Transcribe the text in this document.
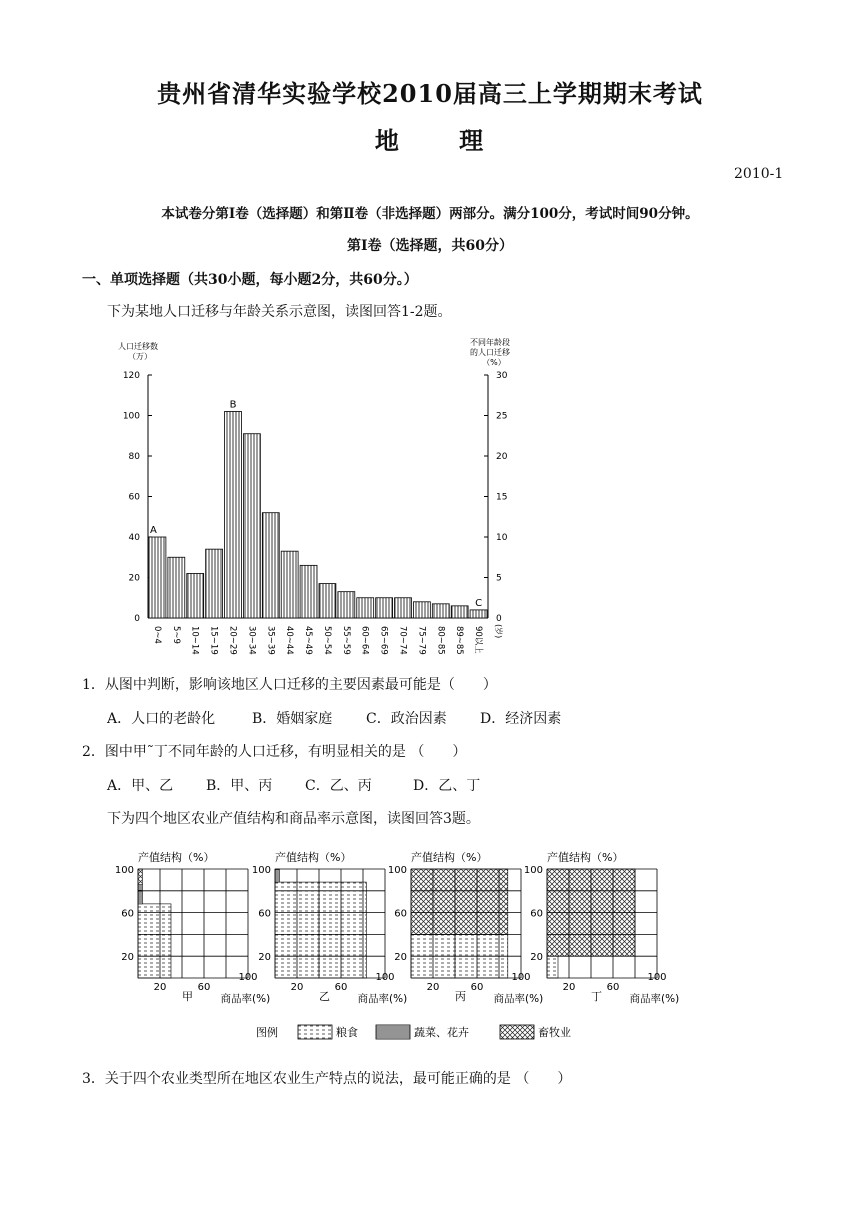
贵州省清华实验学校2010届高三上学期期末考试
地 理
2010-1
本试卷分第Ⅰ卷（选择题）和第Ⅱ卷（非选择题）两部分。满分100分，考试时间90分钟。
第Ⅰ卷（选择题，共60分）
一、单项选择题（共30小题，每小题2分，共60分。）
下为某地人口迁移与年龄关系示意图，读图回答1-2题。
人口迁移数（万）
不同年龄段的人口迁移（%）
0
20
40
60
80
100
120
0
5
10
15
20
25
30
0~4 5~9 10~14 15~19 20~29 30~34 35~39 40~44 45~49 50~54 55~59 60~64 65~69 70~74 75~79 80~85 89~85 90以上 (岁)
A
B
C
1．从图中判断，影响该地区人口迁移的主要因素最可能是（　　）
A．人口的老龄化	B．婚姻家庭 C．政治因素 D．经济因素
2．图中甲˜丁不同年龄的人口迁移，有明显相关的是 （　　）
A．甲、乙 B．甲、丙 C．乙、丙	D．乙、丁
下为四个地区农业产值结构和商品率示意图，读图回答3题。
产值结构（%）
20
60
100
20	60
100
甲	商品率(%)
产值结构（%）
20
60
100
20	60
100
乙	商品率(%)
产值结构（%）
20
60
100
20	60
100
丙	商品率(%)
产值结构（%）
20
60
100
20	60
100
丁	商品率(%)
图例	粮食	蔬菜、花卉	畜牧业
3．关于四个农业类型所在地区农业生产特点的说法，最可能正确的是 （　　）
